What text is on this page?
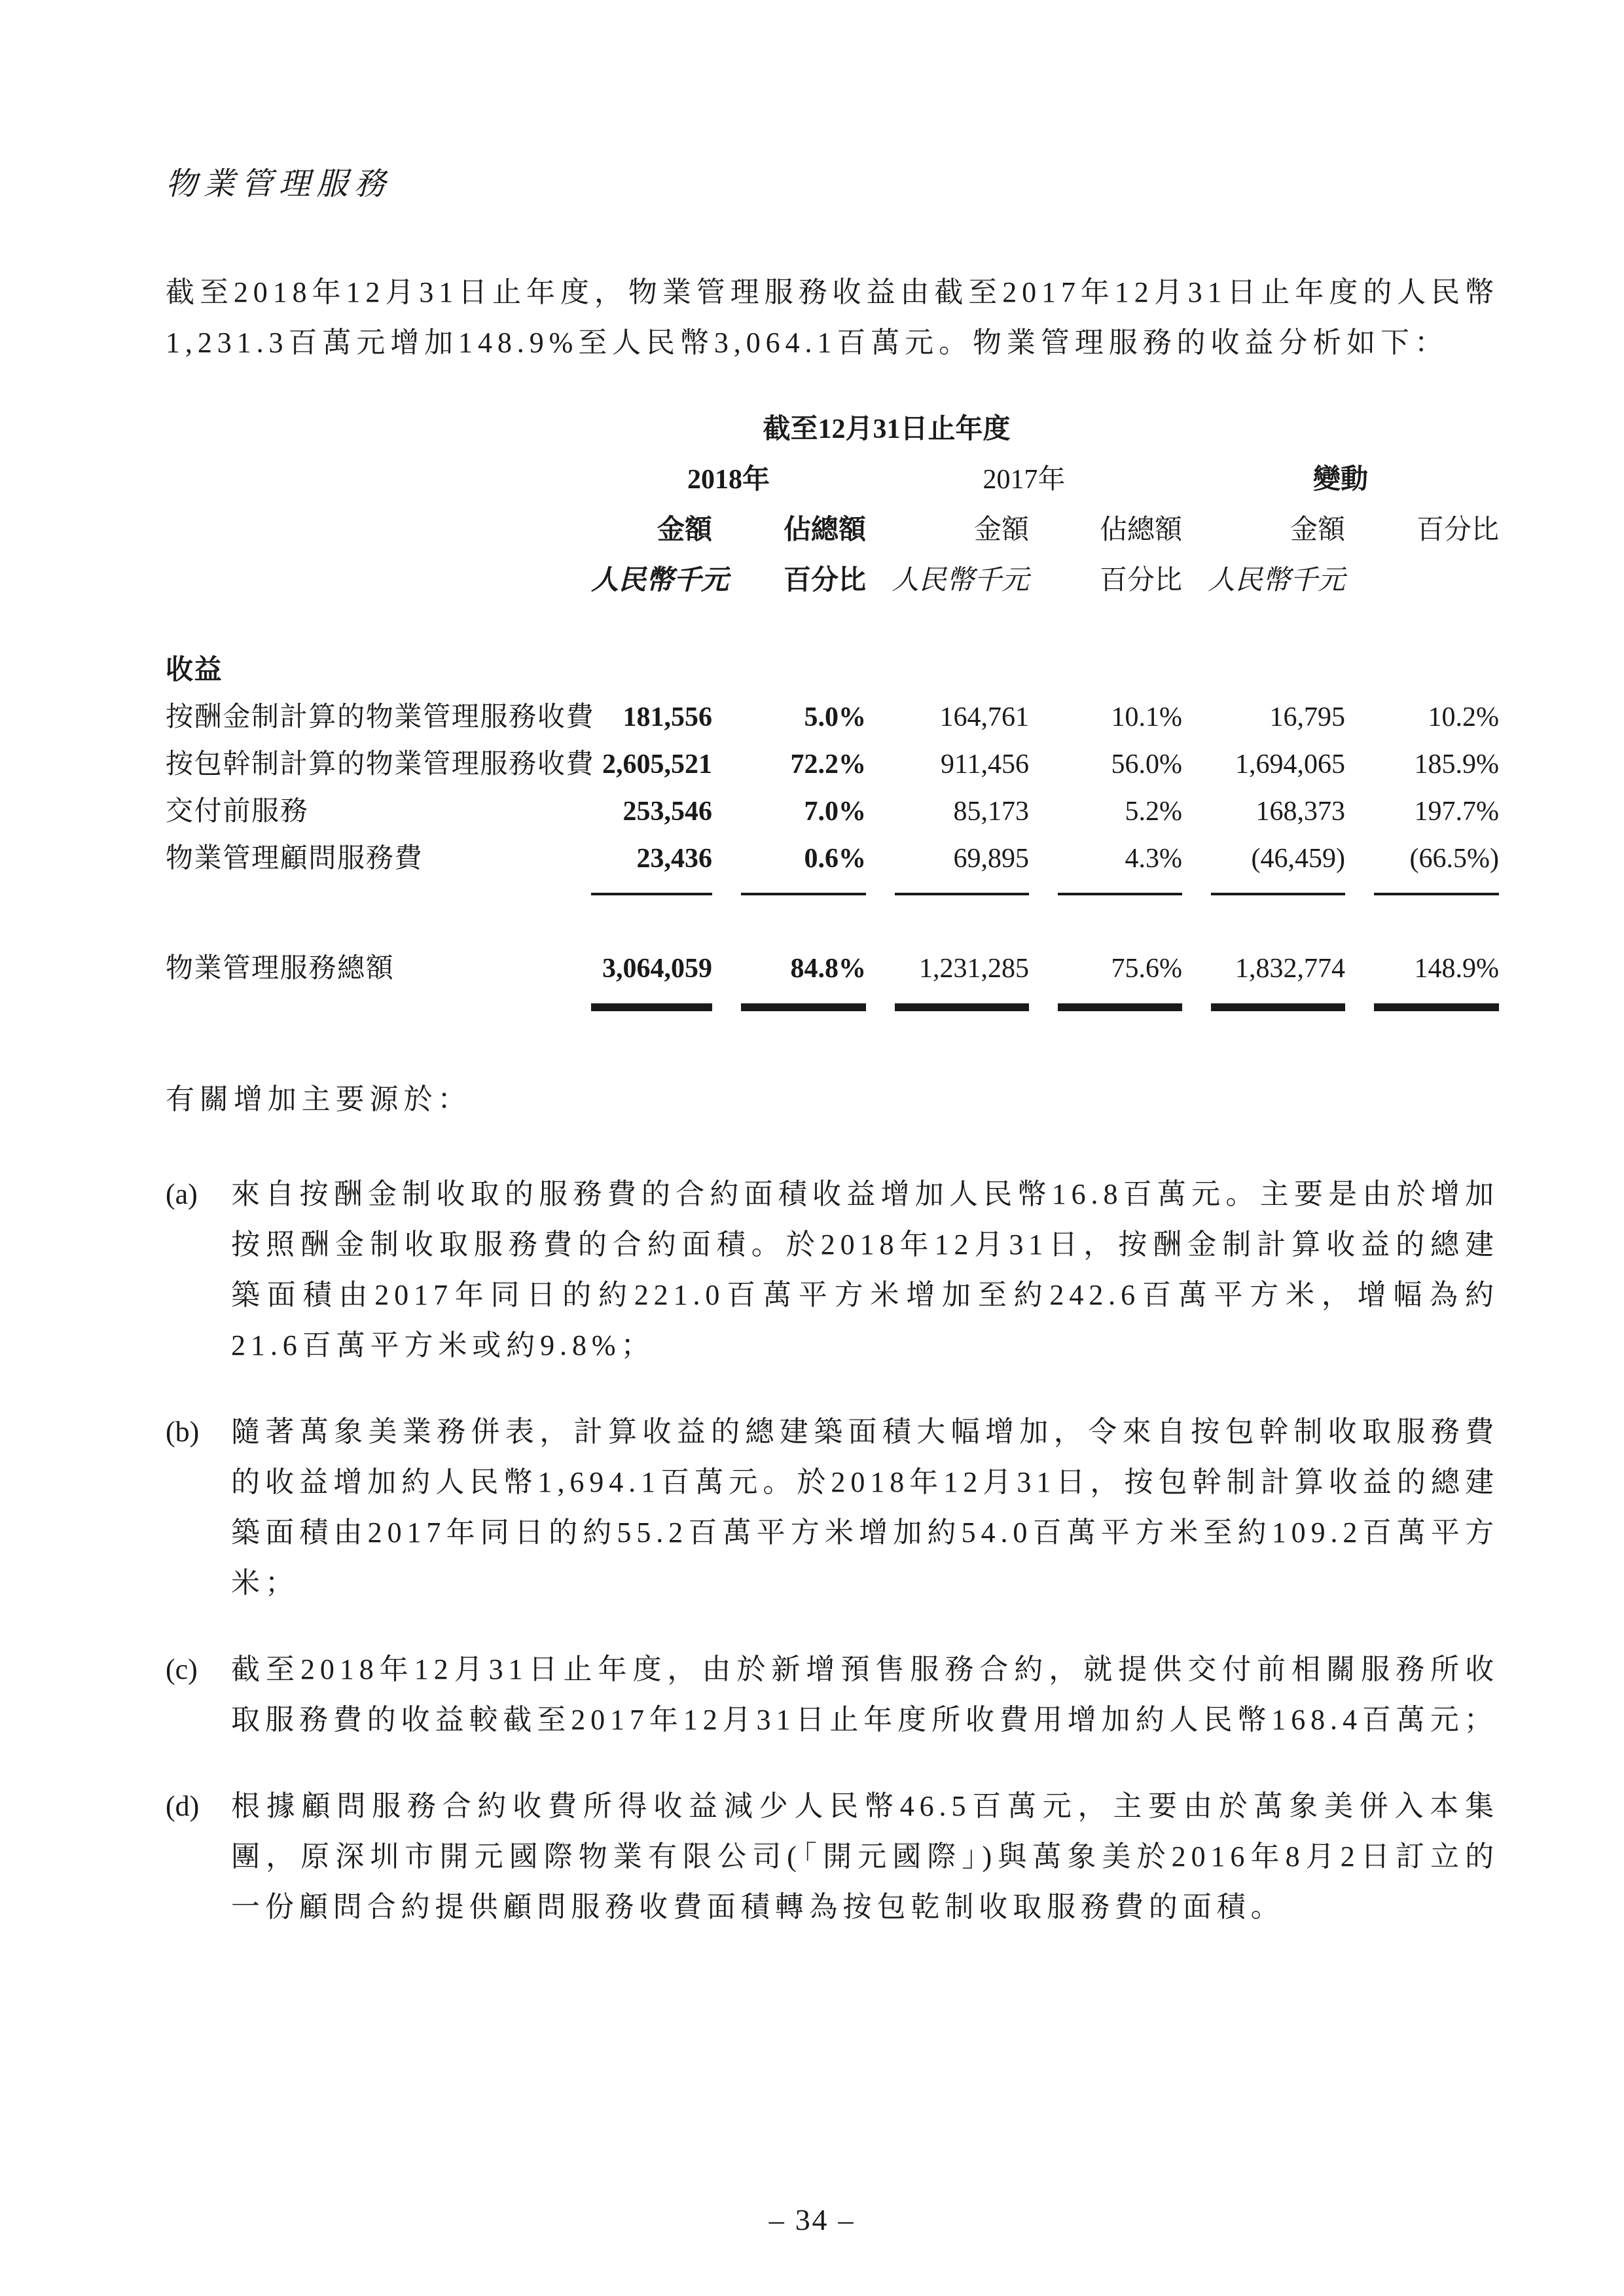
物業管理服務

截至2018年12月31日止年度，物業管理服務收益由截至2017年12月31日止年度的人民幣1,231.3百萬元增加148.9%至人民幣3,064.1百萬元。物業管理服務的收益分析如下：

截至12月31日止年度
2018年	2017年	變動
金額	佔總額	金額	佔總額	金額	百分比
人民幣千元	百分比 人民幣千元	百分比 人民幣千元
收益
按酬金制計算的物業管理服務收費	181,556	5.0%	164,761	10.1%	16,795	10.2%
按包幹制計算的物業管理服務收費 2,605,521	72.2%	911,456	56.0%	1,694,065	185.9%
交付前服務	253,546	7.0%	85,173	5.2%	168,373	197.7%
物業管理顧問服務費	23,436	0.6%	69,895	4.3%	(46,459)	(66.5%)
物業管理服務總額	3,064,059	84.8%	1,231,285	75.6%	1,832,774	148.9%

有關增加主要源於：

(a) 來自按酬金制收取的服務費的合約面積收益增加人民幣16.8百萬元。主要是由於增加按照酬金制收取服務費的合約面積。於2018年12月31日，按酬金制計算收益的總建築面積由2017年同日的約221.0百萬平方米增加至約242.6百萬平方米，增幅為約21.6百萬平方米或約9.8%；
(b) 隨著萬象美業務併表，計算收益的總建築面積大幅增加，令來自按包幹制收取服務費的收益增加約人民幣1,694.1百萬元。於2018年12月31日，按包幹制計算收益的總建築面積由2017年同日的約55.2百萬平方米增加約54.0百萬平方米至約109.2百萬平方米；
(c) 截至2018年12月31日止年度，由於新增預售服務合約，就提供交付前相關服務所收取服務費的收益較截至2017年12月31日止年度所收費用增加約人民幣168.4百萬元；
(d) 根據顧問服務合約收費所得收益減少人民幣46.5百萬元，主要由於萬象美併入本集團，原深圳市開元國際物業有限公司(「開元國際」)與萬象美於2016年8月2日訂立的一份顧問合約提供顧問服務收費面積轉為按包乾制收取服務費的面積。
– 34 –
